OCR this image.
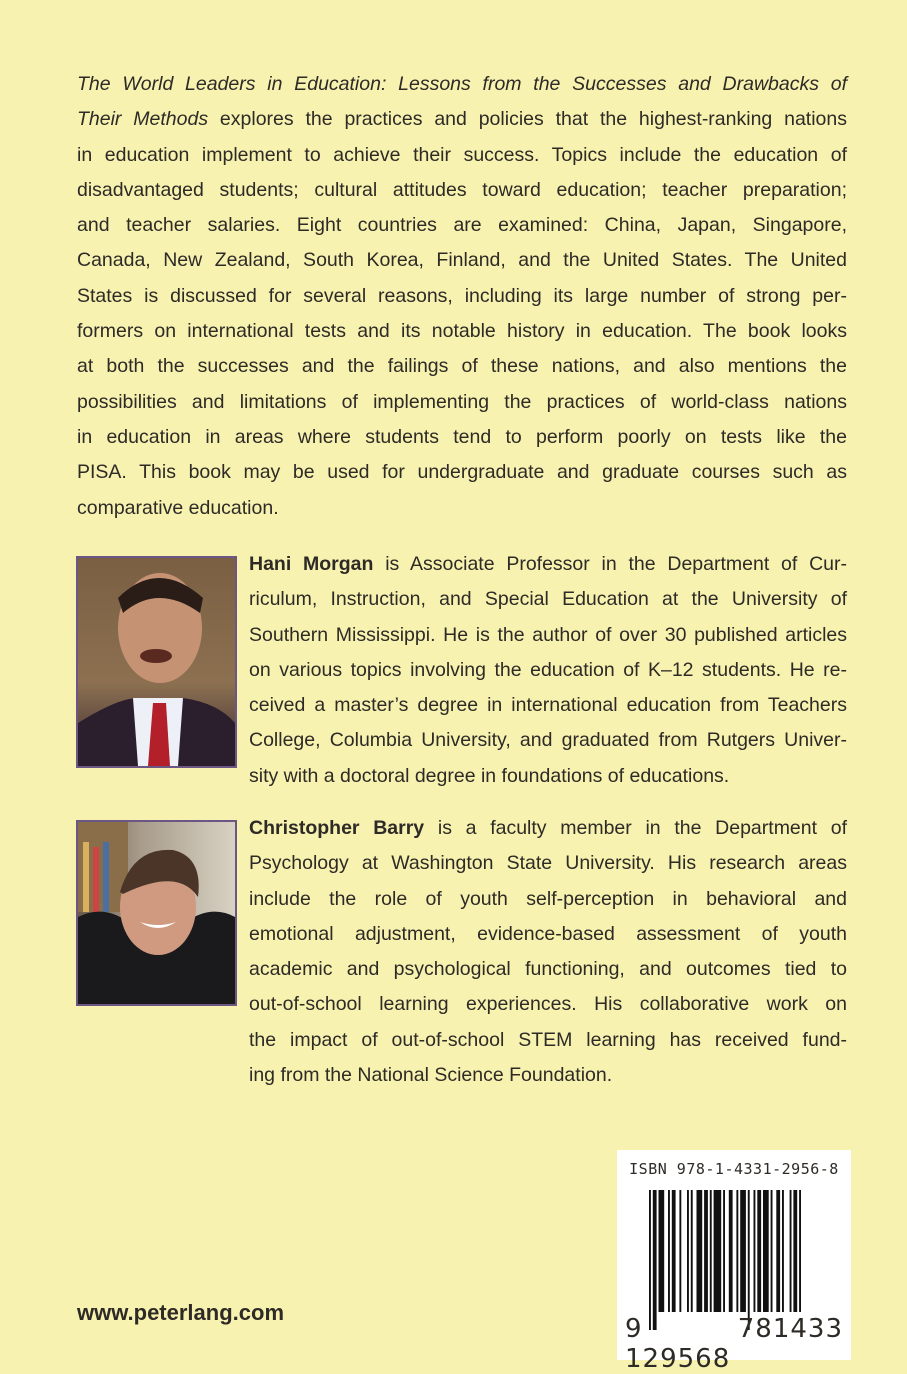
The World Leaders in Education: Lessons from the Successes and Drawbacks of
Their Methods explores the practices and policies that the highest-ranking nations
in education implement to achieve their success. Topics include the education of
disadvantaged students; cultural attitudes toward education; teacher preparation;
and teacher salaries. Eight countries are examined: China, Japan, Singapore,
Canada, New Zealand, South Korea, Finland, and the United States. The United
States is discussed for several reasons, including its large number of strong per-
formers on international tests and its notable history in education. The book looks
at both the successes and the failings of these nations, and also mentions the
possibilities and limitations of implementing the practices of world-class nations
in education in areas where students tend to perform poorly on tests like the
PISA. This book may be used for undergraduate and graduate courses such as
comparative education.
Hani Morgan is Associate Professor in the Department of Cur-
riculum, Instruction, and Special Education at the University of
Southern Mississippi. He is the author of over 30 published articles
on various topics involving the education of K–12 students. He re-
ceived a master’s degree in international education from Teachers
College, Columbia University, and graduated from Rutgers Univer-
sity with a doctoral degree in foundations of educations.
Christopher Barry is a faculty member in the Department of
Psychology at Washington State University. His research areas
include the role of youth self-perception in behavioral and
emotional adjustment, evidence-based assessment of youth
academic and psychological functioning, and outcomes tied to
out-of-school learning experiences. His collaborative work on
the impact of out-of-school STEM learning has received fund-
ing from the National Science Foundation.
www.peterlang.com
ISBN 978-1-4331-2956-8
9 781433 129568
